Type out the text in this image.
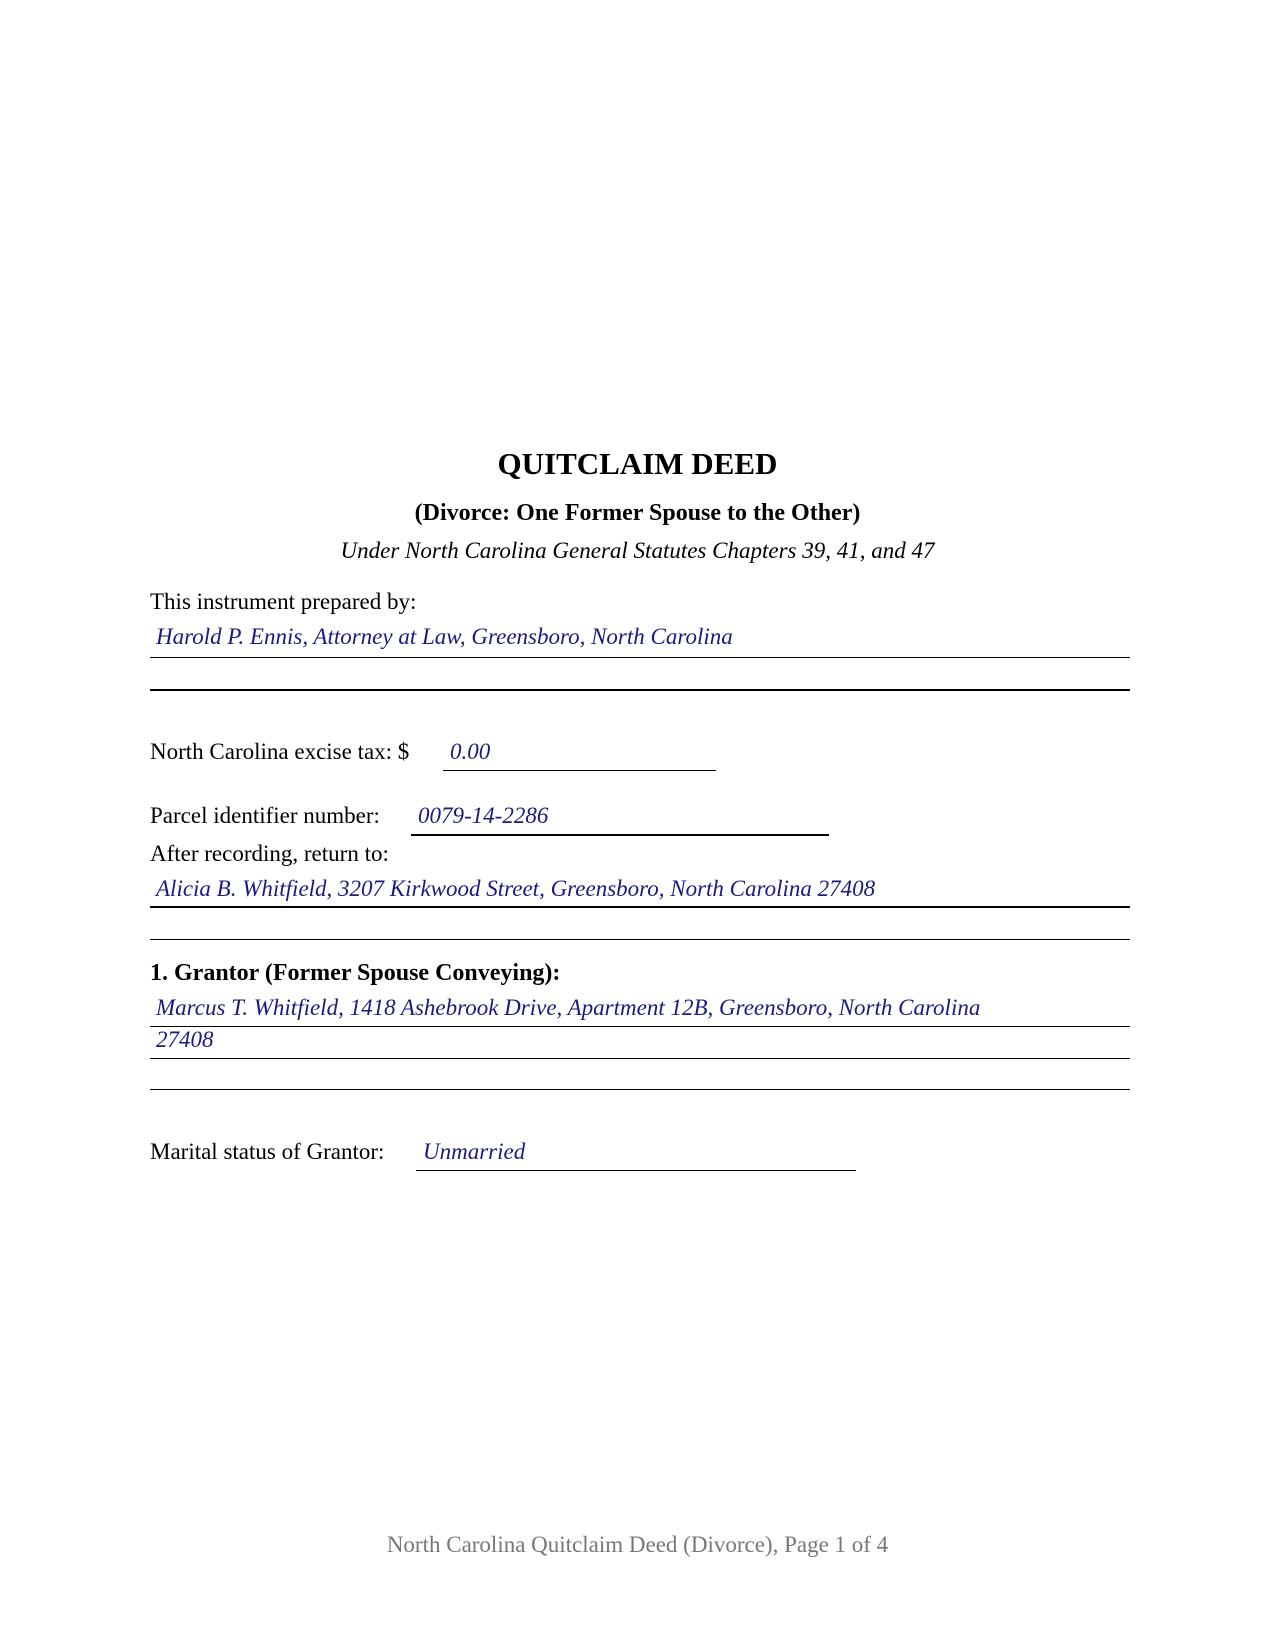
QUITCLAIM DEED
(Divorce: One Former Spouse to the Other)
Under North Carolina General Statutes Chapters 39, 41, and 47
This instrument prepared by:
Harold P. Ennis, Attorney at Law, Greensboro, North Carolina
North Carolina excise tax: $ 0.00
Parcel identifier number: 0079-14-2286
After recording, return to:
Alicia B. Whitfield, 3207 Kirkwood Street, Greensboro, North Carolina 27408
1. Grantor (Former Spouse Conveying):
Marcus T. Whitfield, 1418 Ashebrook Drive, Apartment 12B, Greensboro, North Carolina
27408
Marital status of Grantor: Unmarried
North Carolina Quitclaim Deed (Divorce), Page 1 of 4
